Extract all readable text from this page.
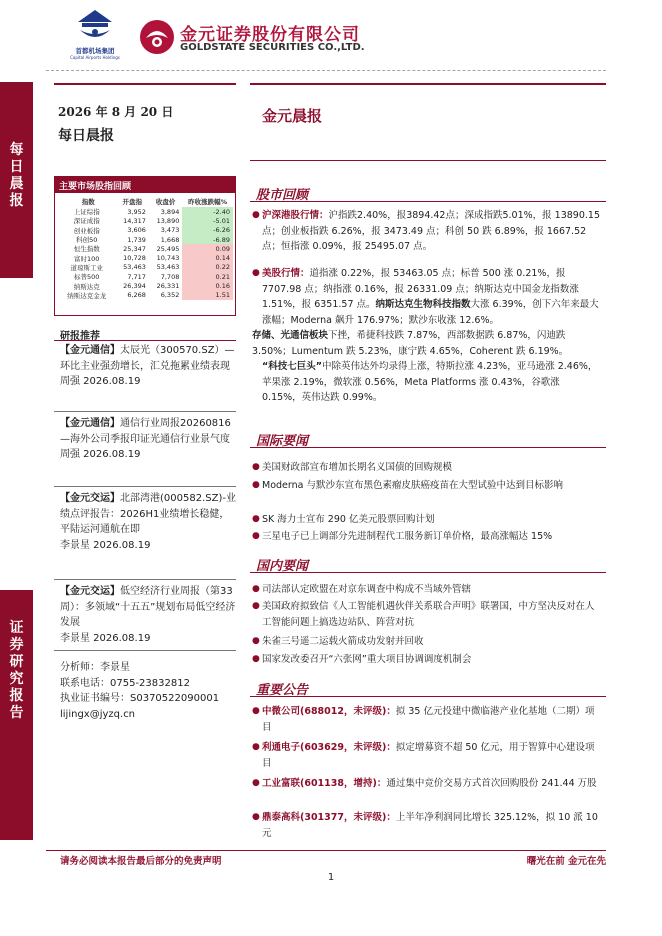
首都机场集团
Capital Airports Holdings
金元证券股份有限公司
GOLDSTATE SECURITIES CO.,LTD.
每
日
晨
报
证
券
研
究
报
告
2026 年 8 月 20 日
每日晨报
金元晨报
主要市场股指回顾
指数	开盘指	收盘价	昨收涨跌幅%
上证综指	3,952	3,894	-2.40
深证成指	14,317	13,890	-5.01
创业板指	3,606	3,473	-6.26
科创50	1,739	1,668	-6.89
恒生指数	25,347	25,495	0.09
富时100	10,728	10,743	0.14
道琼斯工业	53,463	53,463	0.22
标普500	7,717	7,708	0.21
纳斯达克	26,394	26,331	0.16
纳斯达克金龙	6,268	6,352	1.51
研报推荐
【金元通信】太辰光（300570.SZ）—环比主业强劲增长，汇兑拖累业绩表现
周强 2026.08.19
【金元通信】通信行业周报20260816—海外公司季报印证光通信行业景气度
周强 2026.08.19
【金元交运】北部湾港(000582.SZ)-业绩点评报告：2026H1业绩增长稳健，平陆运河通航在即
李景星 2026.08.19
【金元交运】低空经济行业周报（第33周）：多领域“十五五”规划布局低空经济发展
李景星 2026.08.19
分析师：李景星
联系电话：0755-23832812
执业证书编号：S0370522090001
lijingx@jyzq.cn
股市回顾
● 沪深港股行情：沪指跌2.40%，报3894.42点；深成指跌5.01%，报 13890.15 点；创业板指跌 6.26%，报 3473.49 点；科创 50 跌 6.89%，报 1667.52 点；恒指涨 0.09%，报 25495.07 点。
● 美股行情：道指涨 0.22%，报 53463.05 点；标普 500 涨 0.21%，报 7707.98 点；纳指涨 0.16%，报 26331.09 点；纳斯达克中国金龙指数涨 1.51%，报 6351.57 点。纳斯达克生物科技指数大涨 6.39%，创下六年来最大涨幅；Moderna 飙升 176.97%；默沙东收涨 12.6%。
存储、光通信板块下挫，希捷科技跌 7.87%，西部数据跌 6.87%，闪迪跌 3.50%；Lumentum 跌 5.23%，康宁跌 4.65%，Coherent 跌 6.19%。
“科技七巨头”中除英伟达外均录得上涨，特斯拉涨 4.23%，亚马逊涨 2.46%，苹果涨 2.19%，微软涨 0.56%，Meta Platforms 涨 0.43%，谷歌涨 0.15%，英伟达跌 0.99%。
国际要闻
● 美国财政部宣布增加长期名义国债的回购规模
● Moderna 与默沙东宣布黑色素瘤皮肤癌疫苗在大型试验中达到目标影响
● SK 海力士宣布 290 亿美元股票回购计划
● 三星电子已上调部分先进制程代工服务新订单价格，最高涨幅达 15%
国内要闻
● 司法部认定欧盟在对京东调查中构成不当域外管辖
● 美国政府拟致信《人工智能机遇伙伴关系联合声明》联署国，中方坚决反对在人工智能问题上搞选边站队、阵营对抗
● 朱雀三号遥二运载火箭成功发射并回收
● 国家发改委召开“六张网”重大项目协调调度机制会
重要公告
● 中微公司(688012，未评级)：拟 35 亿元投建中微临港产业化基地（二期）项目
● 利通电子(603629，未评级)：拟定增募资不超 50 亿元，用于智算中心建设项目
● 工业富联(601138，增持)：通过集中竞价交易方式首次回购股份 241.44 万股
● 鼎泰高科(301377，未评级)：上半年净利润同比增长 325.12%，拟 10 派 10 元
请务必阅读本报告最后部分的免责声明	曙光在前 金元在先
1
